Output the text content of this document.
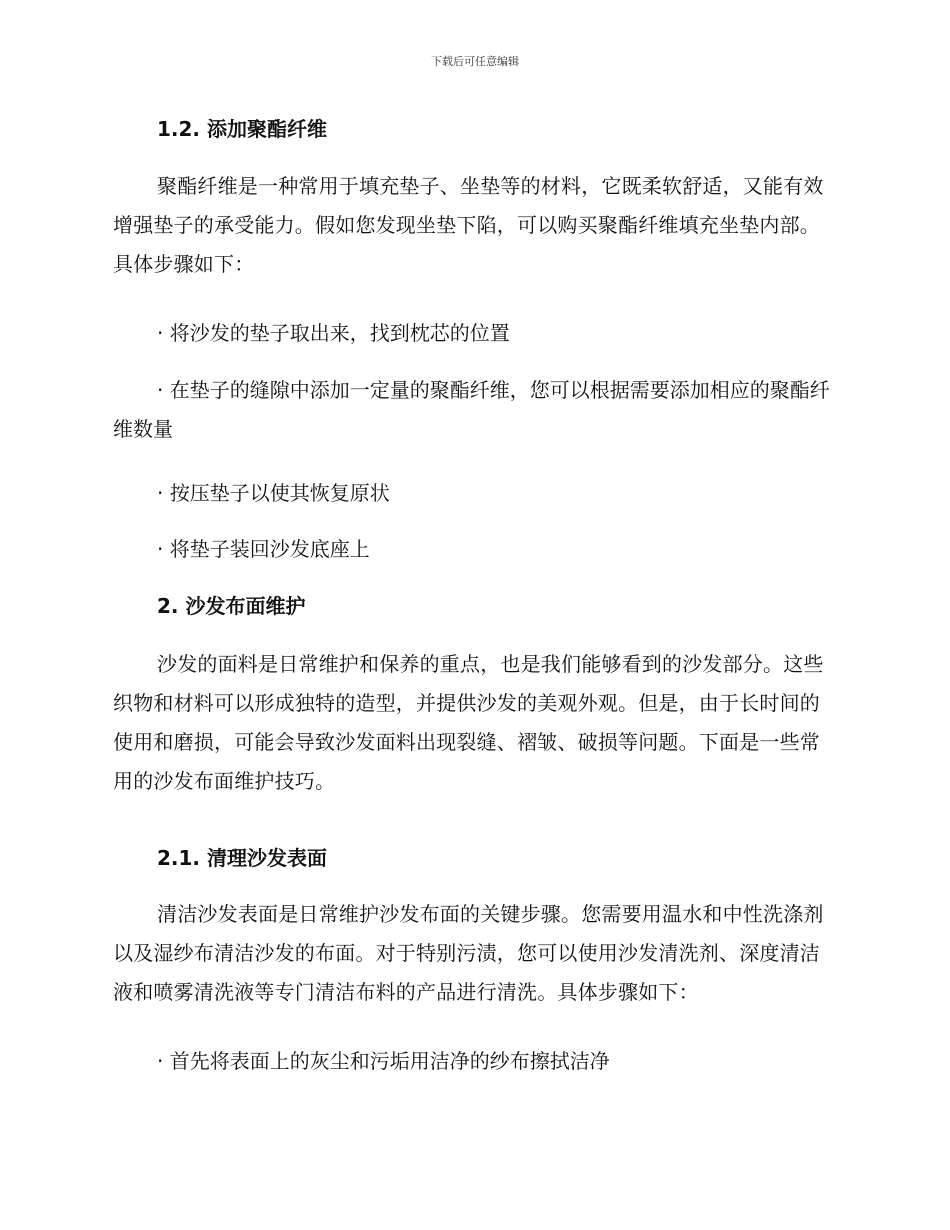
下载后可任意编辑
1.2. 添加聚酯纤维
聚酯纤维是一种常用于填充垫子、坐垫等的材料，它既柔软舒适，又能有效增强垫子的承受能力。假如您发现坐垫下陷，可以购买聚酯纤维填充坐垫内部。具体步骤如下：
· 将沙发的垫子取出来，找到枕芯的位置
· 在垫子的缝隙中添加一定量的聚酯纤维，您可以根据需要添加相应的聚酯纤维数量
· 按压垫子以使其恢复原状
· 将垫子装回沙发底座上
2. 沙发布面维护
沙发的面料是日常维护和保养的重点，也是我们能够看到的沙发部分。这些织物和材料可以形成独特的造型，并提供沙发的美观外观。但是，由于长时间的使用和磨损，可能会导致沙发面料出现裂缝、褶皱、破损等问题。下面是一些常用的沙发布面维护技巧。
2.1. 清理沙发表面
清洁沙发表面是日常维护沙发布面的关键步骤。您需要用温水和中性洗涤剂以及湿纱布清洁沙发的布面。对于特别污渍，您可以使用沙发清洗剂、深度清洁液和喷雾清洗液等专门清洁布料的产品进行清洗。具体步骤如下：
· 首先将表面上的灰尘和污垢用洁净的纱布擦拭洁净
